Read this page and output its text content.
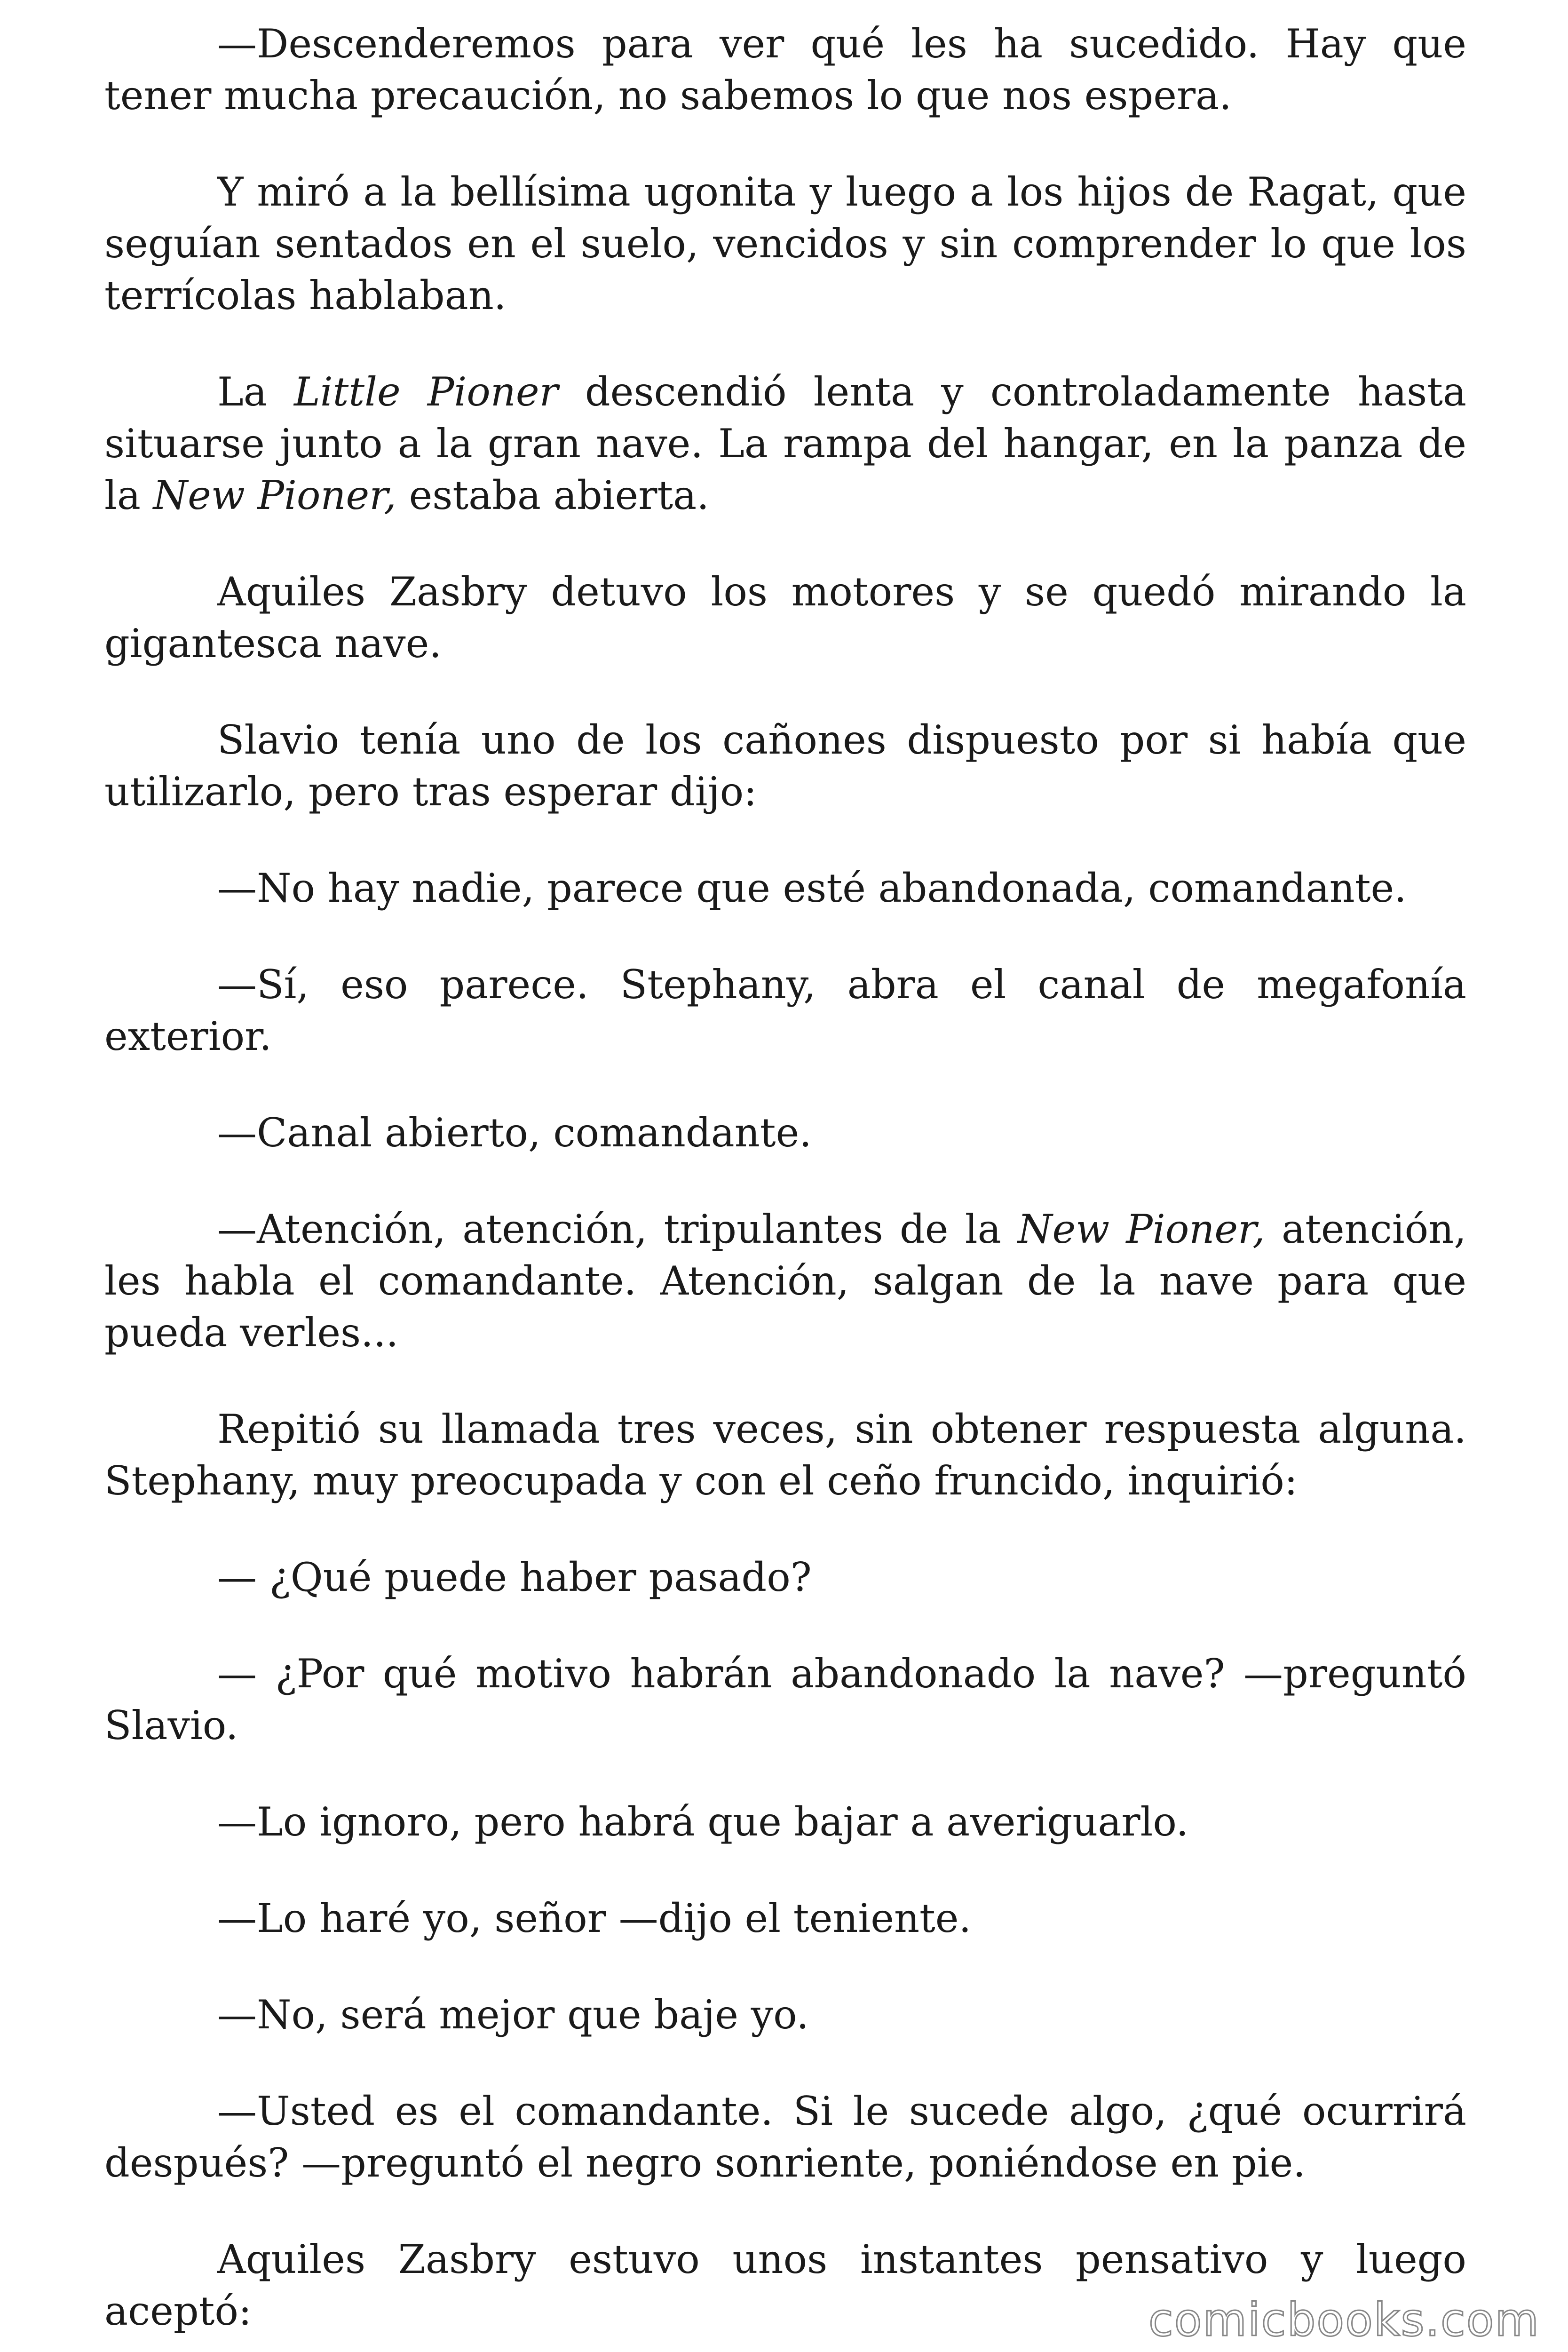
—Descenderemos para ver qué les ha sucedido. Hay que tener mucha precaución, no sabemos lo que nos espera.

Y miró a la bellísima ugonita y luego a los hijos de Ragat, que seguían sentados en el suelo, vencidos y sin comprender lo que los terrícolas hablaban.

La Little Pioner descendió lenta y controladamente hasta situarse junto a la gran nave. La rampa del hangar, en la panza de la New Pioner, estaba abierta.

Aquiles Zasbry detuvo los motores y se quedó mirando la gigantesca nave.

Slavio tenía uno de los cañones dispuesto por si había que utilizarlo, pero tras esperar dijo:

—No hay nadie, parece que esté abandonada, comandante.

—Sí, eso parece. Stephany, abra el canal de megafonía exterior.

—Canal abierto, comandante.

—Atención, atención, tripulantes de la New Pioner, atención, les habla el comandante. Atención, salgan de la nave para que pueda verles...

Repitió su llamada tres veces, sin obtener respuesta alguna. Stephany, muy preocupada y con el ceño fruncido, inquirió:

— ¿Qué puede haber pasado?

— ¿Por qué motivo habrán abandonado la nave? —preguntó Slavio.

—Lo ignoro, pero habrá que bajar a averiguarlo.

—Lo haré yo, señor —dijo el teniente.

—No, será mejor que baje yo.

—Usted es el comandante. Si le sucede algo, ¿qué ocurrirá después? —preguntó el negro sonriente, poniéndose en pie.

Aquiles Zasbry estuvo unos instantes pensativo y luego aceptó:	comicbooks.com
